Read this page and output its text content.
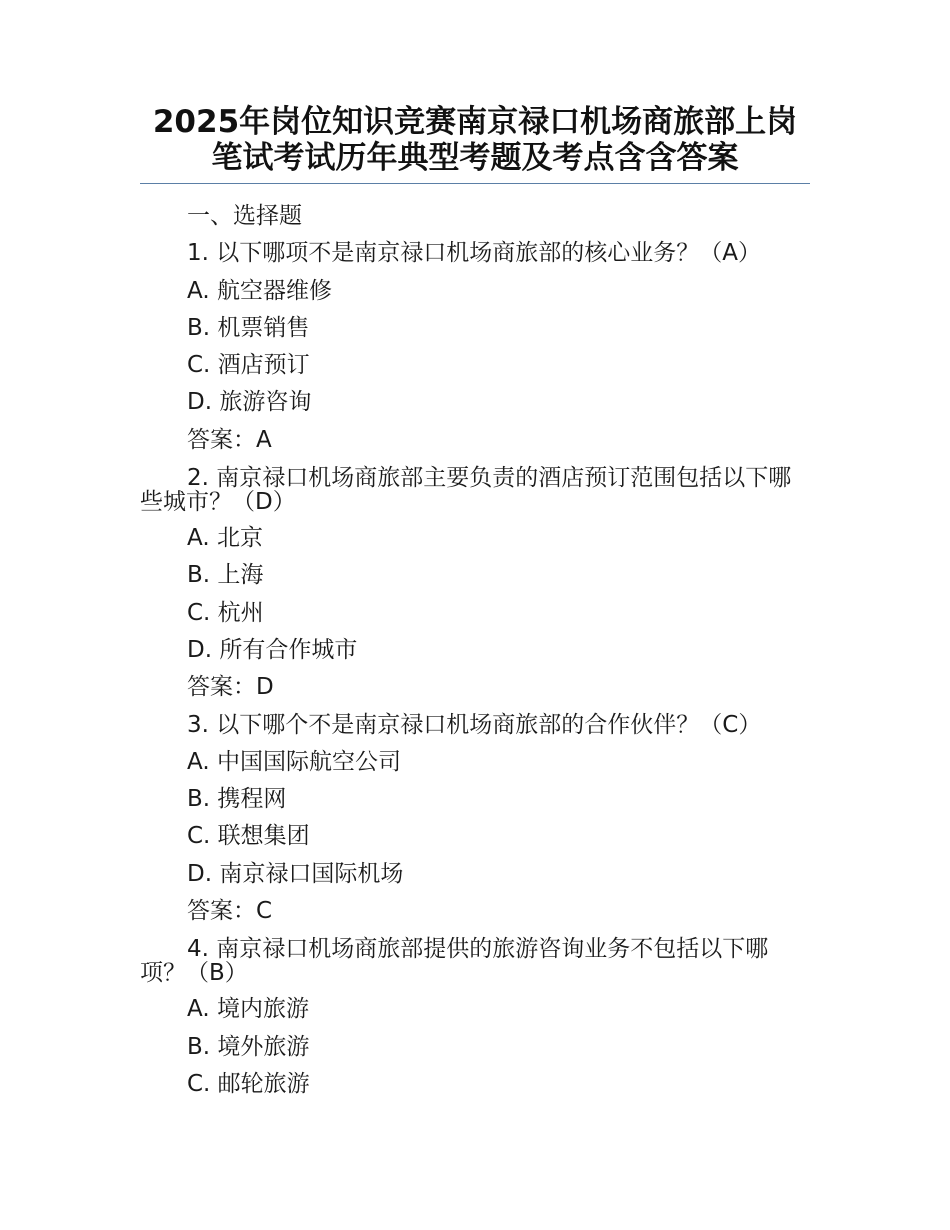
2025年岗位知识竞赛南京禄口机场商旅部上岗笔试考试历年典型考题及考点含含答案

一、选择题

1. 以下哪项不是南京禄口机场商旅部的核心业务？（A）

A. 航空器维修

B. 机票销售

C. 酒店预订

D. 旅游咨询

答案：A

2. 南京禄口机场商旅部主要负责的酒店预订范围包括以下哪些城市？（D）

A. 北京

B. 上海

C. 杭州

D. 所有合作城市

答案：D

3. 以下哪个不是南京禄口机场商旅部的合作伙伴？（C）

A. 中国国际航空公司

B. 携程网

C. 联想集团

D. 南京禄口国际机场

答案：C

4. 南京禄口机场商旅部提供的旅游咨询业务不包括以下哪项？（B）

A. 境内旅游

B. 境外旅游

C. 邮轮旅游
